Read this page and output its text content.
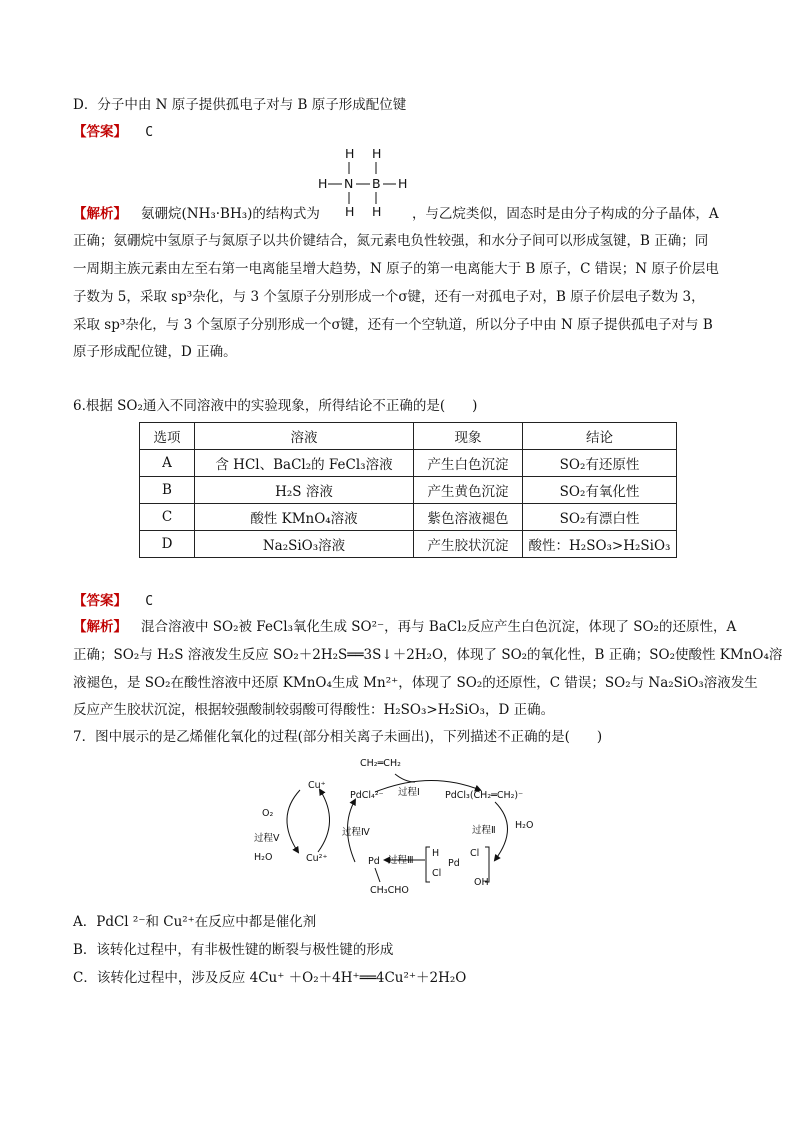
D．分子中由 N 原子提供孤电子对与 B 原子形成配位键
【答案】 C
H H
H N B H
H H
【解析】 氨硼烷(NH₃·BH₃)的结构式为	，与乙烷类似，固态时是由分子构成的分子晶体，A
正确；氨硼烷中氢原子与氮原子以共价键结合，氮元素电负性较强，和水分子间可以形成氢键，B 正确；同
一周期主族元素由左至右第一电离能呈增大趋势，N 原子的第一电离能大于 B 原子，C 错误；N 原子价层电
子数为 5，采取 sp³杂化，与 3 个氢原子分别形成一个σ键，还有一对孤电子对，B 原子价层电子数为 3，
采取 sp³杂化，与 3 个氢原子分别形成一个σ键，还有一个空轨道，所以分子中由 N 原子提供孤电子对与 B
原子形成配位键，D 正确。
6.根据 SO₂通入不同溶液中的实验现象，所得结论不正确的是(　　)
选项	溶液	现象	结论
A	含 HCl、BaCl₂的 FeCl₃溶液	产生白色沉淀	SO₂有还原性
B	H₂S 溶液	产生黄色沉淀	SO₂有氧化性
C	酸性 KMnO₄溶液	紫色溶液褪色	SO₂有漂白性
D	Na₂SiO₃溶液	产生胶状沉淀	酸性：H₂SO₃>H₂SiO₃
【答案】 C
【解析】 混合溶液中 SO₂被 FeCl₃氧化生成 SO²⁻，再与 BaCl₂反应产生白色沉淀，体现了 SO₂的还原性，A
正确；SO₂与 H₂S 溶液发生反应 SO₂＋2H₂S══3S↓＋2H₂O，体现了 SO₂的氧化性，B 正确；SO₂使酸性 KMnO₄溶
液褪色，是 SO₂在酸性溶液中还原 KMnO₄生成 Mn²⁺，体现了 SO₂的还原性，C 错误；SO₂与 Na₂SiO₃溶液发生
反应产生胶状沉淀，根据较强酸制较弱酸可得酸性：H₂SO₃>H₂SiO₃，D 正确。
7．图中展示的是乙烯催化氧化的过程(部分相关离子未画出)，下列描述不正确的是(　　)
CH₂═CH₂
PdCl₄²⁻ 过程Ⅰ	PdCl₃(CH₂═CH₂)⁻
过程Ⅱ H₂O
过程Ⅲ
Pd
CH₃CHO
过程Ⅳ
过程Ⅴ
Cu⁺
Cu²⁺
O₂
H₂O	H
Pd
Cl
Cl
OH
A．PdCl ²⁻和 Cu²⁺在反应中都是催化剂
B．该转化过程中，有非极性键的断裂与极性键的形成
C．该转化过程中，涉及反应 4Cu⁺ ＋O₂＋4H⁺══4Cu²⁺＋2H₂O
